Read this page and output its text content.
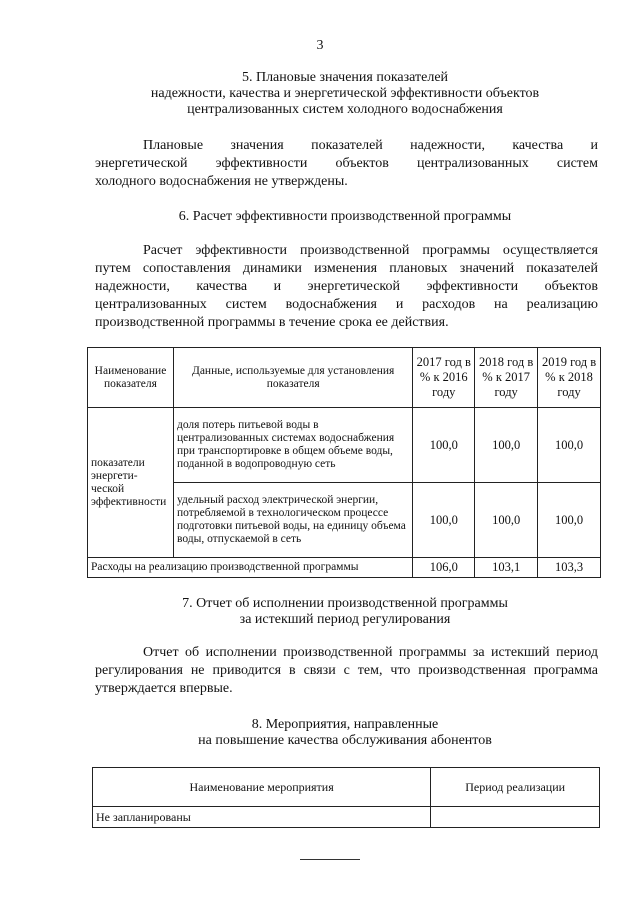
3
5. Плановые значения показателей
надежности, качества и энергетической эффективности объектов
централизованных систем холодного водоснабжения
Плановые значения показателей надежности, качества и
энергетической эффективности объектов централизованных систем
холодного водоснабжения не утверждены.
6. Расчет эффективности производственной программы
Расчет эффективности производственной программы осуществляется
путем сопоставления динамики изменения плановых значений показателей
надежности, качества и энергетической эффективности объектов
централизованных систем водоснабжения и расходов на реализацию
производственной программы в течение срока ее действия.
Наименование показателя	Данные, используемые для установления показателя	2017 год в % к 2016 году	2018 год в % к 2017 году	2019 год в % к 2018 году
показатели энергети- ческой эффективности	доля потерь питьевой воды в централизованных системах водоснабжения при транспортировке в общем объеме воды, поданной в водопроводную сеть	100,0	100,0	100,0
	удельный расход электрической энергии, потребляемой в технологическом процессе подготовки питьевой воды, на единицу объема воды, отпускаемой в сеть	100,0	100,0	100,0
Расходы на реализацию производственной программы		106,0	103,1	103,3
7. Отчет об исполнении производственной программы
за истекший период регулирования
Отчет об исполнении производственной программы за истекший период
регулирования не приводится в связи с тем, что производственная программа
утверждается впервые.
8. Мероприятия, направленные
на повышение качества обслуживания абонентов
Наименование мероприятия	Период реализации
Не запланированы	
